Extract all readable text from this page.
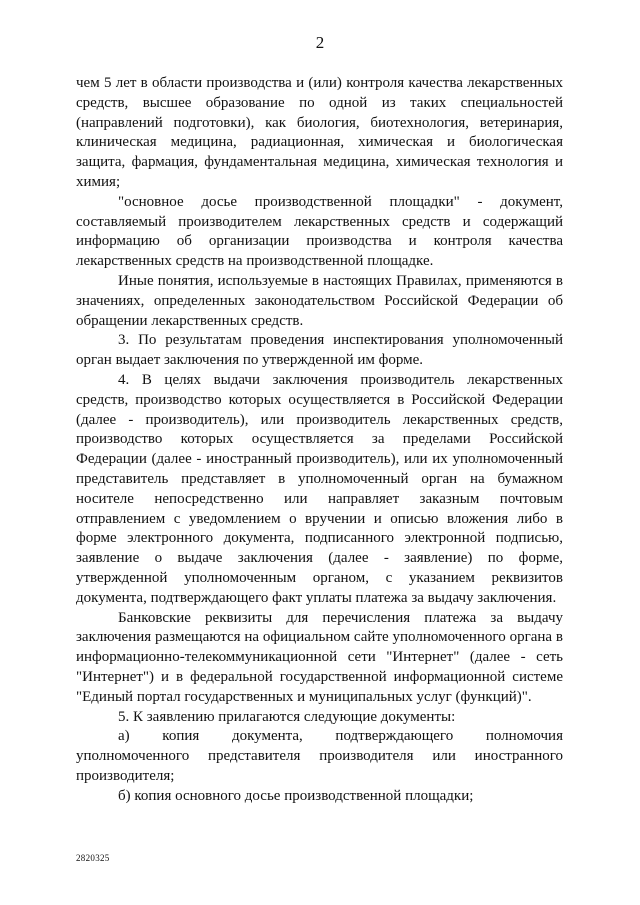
2

чем 5 лет в области производства и (или) контроля качества лекарственных средств, высшее образование по одной из таких специальностей (направлений подготовки), как биология, биотехнология, ветеринария, клиническая медицина, радиационная, химическая и биологическая защита, фармация, фундаментальная медицина, химическая технология и химия;

"основное досье производственной площадки" - документ, составляемый производителем лекарственных средств и содержащий информацию об организации производства и контроля качества лекарственных средств на производственной площадке.

Иные понятия, используемые в настоящих Правилах, применяются в значениях, определенных законодательством Российской Федерации об обращении лекарственных средств.

3. По результатам проведения инспектирования уполномоченный орган выдает заключения по утвержденной им форме.

4. В целях выдачи заключения производитель лекарственных средств, производство которых осуществляется в Российской Федерации (далее - производитель), или производитель лекарственных средств, производство которых осуществляется за пределами Российской Федерации (далее - иностранный производитель), или их уполномоченный представитель представляет в уполномоченный орган на бумажном носителе непосредственно или направляет заказным почтовым отправлением с уведомлением о вручении и описью вложения либо в форме электронного документа, подписанного электронной подписью, заявление о выдаче заключения (далее - заявление) по форме, утвержденной уполномоченным органом, с указанием реквизитов документа, подтверждающего факт уплаты платежа за выдачу заключения.

Банковские реквизиты для перечисления платежа за выдачу заключения размещаются на официальном сайте уполномоченного органа в информационно-телекоммуникационной сети "Интернет" (далее - сеть "Интернет") и в федеральной государственной информационной системе "Единый портал государственных и муниципальных услуг (функций)".

5. К заявлению прилагаются следующие документы:

а) копия документа, подтверждающего полномочия уполномоченного представителя производителя или иностранного производителя;

б) копия основного досье производственной площадки;

2820325
